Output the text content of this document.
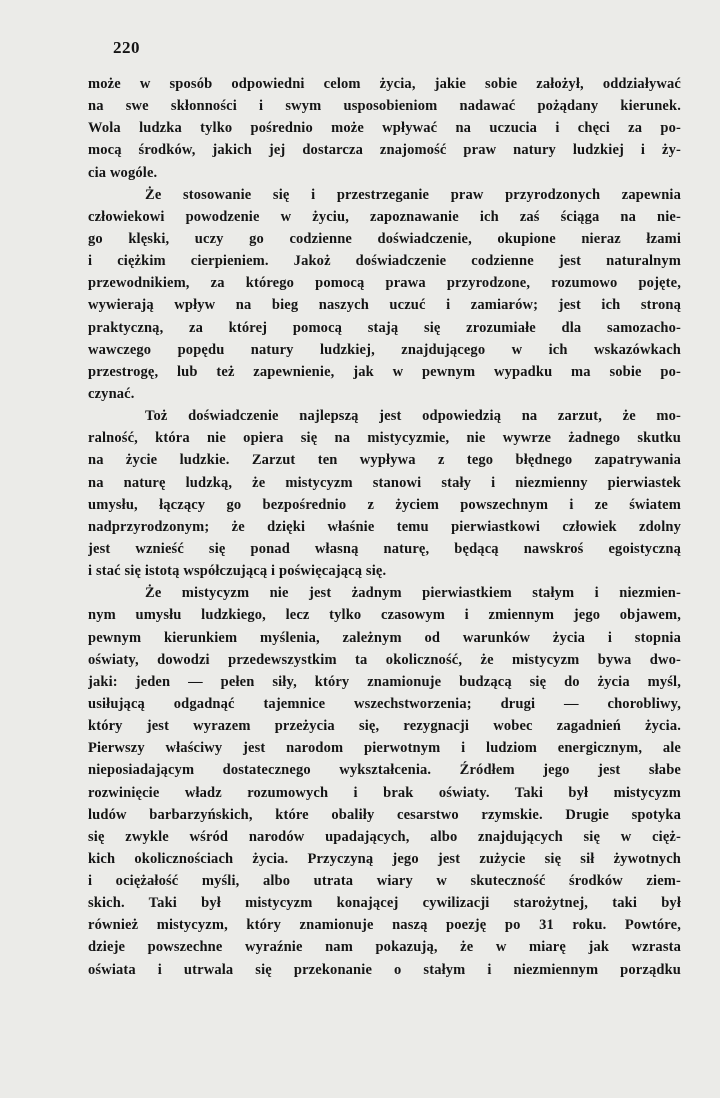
220
może w sposób odpowiedni celom życia, jakie sobie założył, oddziaływać
na swe skłonności i swym usposobieniom nadawać pożądany kierunek.
Wola ludzka tylko pośrednio może wpływać na uczucia i chęci za po-
mocą środków, jakich jej dostarcza znajomość praw natury ludzkiej i ży-
cia wogóle.
Że stosowanie się i przestrzeganie praw przyrodzonych zapewnia
człowiekowi powodzenie w życiu, zapoznawanie ich zaś ściąga na nie-
go klęski, uczy go codzienne doświadczenie, okupione nieraz łzami
i ciężkim cierpieniem. Jakoż doświadczenie codzienne jest naturalnym
przewodnikiem, za którego pomocą prawa przyrodzone, rozumowo pojęte,
wywierają wpływ na bieg naszych uczuć i zamiarów; jest ich stroną
praktyczną, za której pomocą stają się zrozumiałe dla samozacho-
wawczego popędu natury ludzkiej, znajdującego w ich wskazówkach
przestrogę, lub też zapewnienie, jak w pewnym wypadku ma sobie po-
czynać.
Toż doświadczenie najlepszą jest odpowiedzią na zarzut, że mo-
ralność, która nie opiera się na mistycyzmie, nie wywrze żadnego skutku
na życie ludzkie. Zarzut ten wypływa z tego błędnego zapatrywania
na naturę ludzką, że mistycyzm stanowi stały i niezmienny pierwiastek
umysłu, łączący go bezpośrednio z życiem powszechnym i ze światem
nadprzyrodzonym; że dzięki właśnie temu pierwiastkowi człowiek zdolny
jest wznieść się ponad własną naturę, będącą nawskroś egoistyczną
i stać się istotą współczującą i poświęcającą się.
Że mistycyzm nie jest żadnym pierwiastkiem stałym i niezmien-
nym umysłu ludzkiego, lecz tylko czasowym i zmiennym jego objawem,
pewnym kierunkiem myślenia, zależnym od warunków życia i stopnia
oświaty, dowodzi przedewszystkim ta okoliczność, że mistycyzm bywa dwo-
jaki: jeden — pełen siły, który znamionuje budzącą się do życia myśl,
usiłującą odgadnąć tajemnice wszechstworzenia; drugi — chorobliwy,
który jest wyrazem przeżycia się, rezygnacji wobec zagadnień życia.
Pierwszy właściwy jest narodom pierwotnym i ludziom energicznym, ale
nieposiadającym dostatecznego wykształcenia. Źródłem jego jest słabe
rozwinięcie władz rozumowych i brak oświaty. Taki był mistycyzm
ludów barbarzyńskich, które obaliły cesarstwo rzymskie. Drugie spotyka
się zwykle wśród narodów upadających, albo znajdujących się w cięż-
kich okolicznościach życia. Przyczyną jego jest zużycie się sił żywotnych
i ociężałość myśli, albo utrata wiary w skuteczność środków ziem-
skich. Taki był mistycyzm konającej cywilizacji starożytnej, taki był
również mistycyzm, który znamionuje naszą poezję po 31 roku. Powtóre,
dzieje powszechne wyraźnie nam pokazują, że w miarę jak wzrasta
oświata i utrwala się przekonanie o stałym i niezmiennym porządku
